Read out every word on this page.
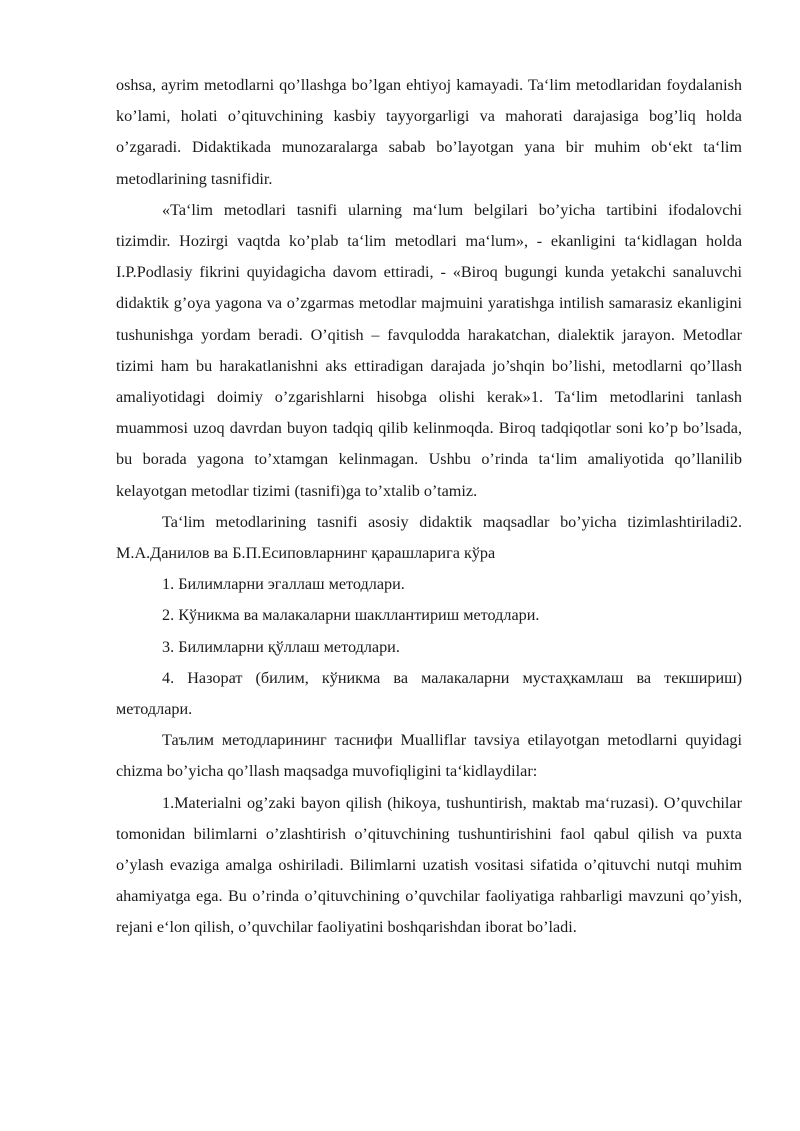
oshsa, ayrim metodlarni qo’llashga bo’lgan ehtiyoj kamayadi. Ta‘lim metodlaridan foydalanish ko’lami, holati o’qituvchining kasbiy tayyorgarligi va mahorati darajasiga bog’liq holda o’zgaradi. Didaktikada munozaralarga sabab bo’layotgan yana bir muhim ob‘ekt ta‘lim metodlarining tasnifidir.

«Ta‘lim metodlari tasnifi ularning ma‘lum belgilari bo’yicha tartibini ifodalovchi tizimdir. Hozirgi vaqtda ko’plab ta‘lim metodlari ma‘lum», - ekanligini ta‘kidlagan holda I.P.Podlasiy fikrini quyidagicha davom ettiradi, - «Biroq bugungi kunda yetakchi sanaluvchi didaktik g’oya yagona va o’zgarmas metodlar majmuini yaratishga intilish samarasiz ekanligini tushunishga yordam beradi. O’qitish – favqulodda harakatchan, dialektik jarayon. Metodlar tizimi ham bu harakatlanishni aks ettiradigan darajada jo’shqin bo’lishi, metodlarni qo’llash amaliyotidagi doimiy o’zgarishlarni hisobga olishi kerak»1. Ta‘lim metodlarini tanlash muammosi uzoq davrdan buyon tadqiq qilib kelinmoqda. Biroq tadqiqotlar soni ko’p bo’lsada, bu borada yagona to’xtamgan kelinmagan. Ushbu o’rinda ta‘lim amaliyotida qo’llanilib kelayotgan metodlar tizimi (tasnifi)ga to’xtalib o’tamiz.

Ta‘lim metodlarining tasnifi asosiy didaktik maqsadlar bo’yicha tizimlashtiriladi2. М.А.Данилов ва Б.П.Есиповларнинг қарашларига кўра

1. Билимларни эгаллаш методлари.

2. Кўникма ва малакаларни шакллантириш методлари.

3. Билимларни қўллаш методлари.

4. Назорат (билим, кўникма ва малакаларни мустаҳкамлаш ва текшириш) методлари.

Таълим методларининг таснифи Mualliflar tavsiya etilayotgan metodlarni quyidagi chizma bo’yicha qo’llash maqsadga muvofiqligini ta‘kidlaydilar:

1.Materialni og’zaki bayon qilish (hikoya, tushuntirish, maktab ma‘ruzasi). O’quvchilar tomonidan bilimlarni o’zlashtirish o’qituvchining tushuntirishini faol qabul qilish va puxta o’ylash evaziga amalga oshiriladi. Bilimlarni uzatish vositasi sifatida o’qituvchi nutqi muhim ahamiyatga ega. Bu o’rinda o’qituvchining o’quvchilar faoliyatiga rahbarligi mavzuni qo’yish, rejani e‘lon qilish, o’quvchilar faoliyatini boshqarishdan iborat bo’ladi.
